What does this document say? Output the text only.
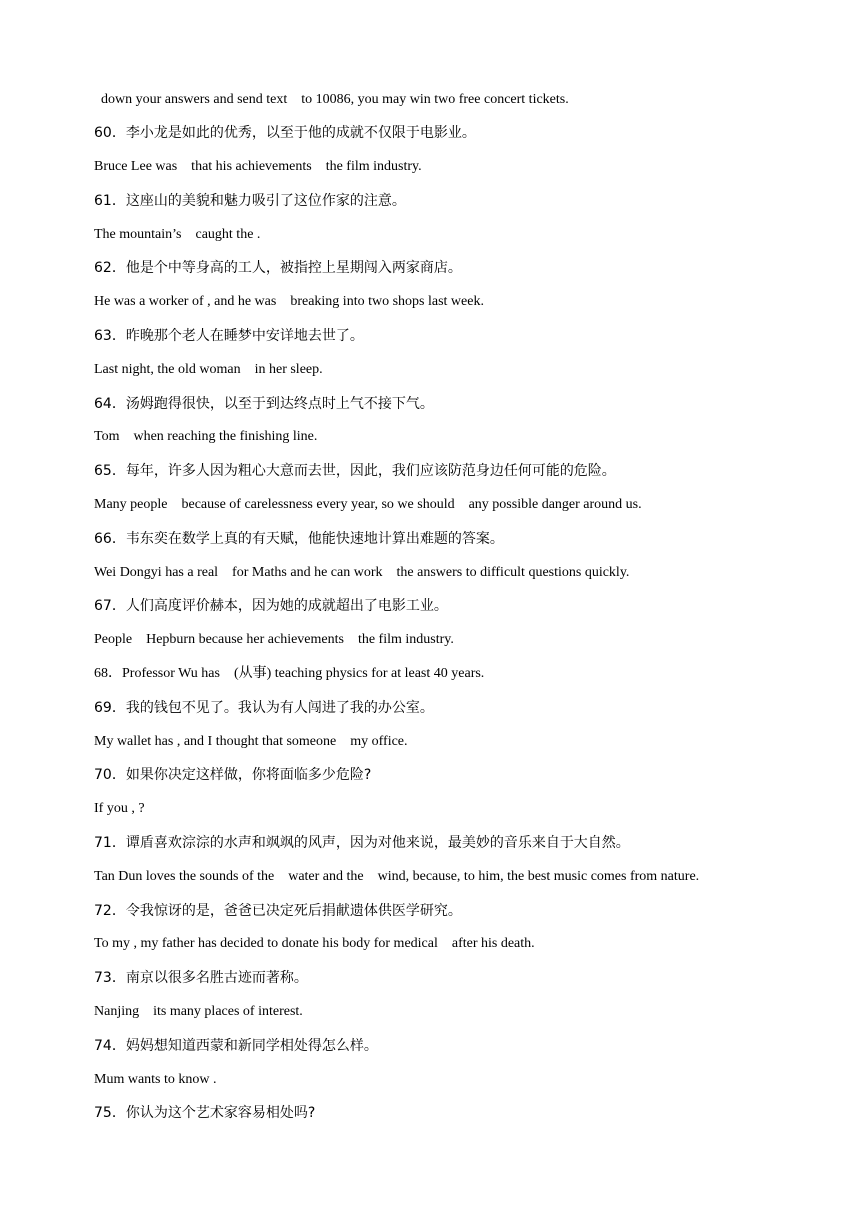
down your answers and send text    to 10086, you may win two free concert tickets.
60．李小龙是如此的优秀，以至于他的成就不仅限于电影业。
Bruce Lee was    that his achievements    the film industry.
61．这座山的美貌和魅力吸引了这位作家的注意。
The mountain’s    caught the .
62．他是个中等身高的工人，被指控上星期闯入两家商店。
He was a worker of , and he was    breaking into two shops last week.
63．昨晚那个老人在睡梦中安详地去世了。
Last night, the old woman    in her sleep.
64．汤姆跑得很快，以至于到达终点时上气不接下气。
Tom    when reaching the finishing line.
65．每年，许多人因为粗心大意而去世，因此，我们应该防范身边任何可能的危险。
Many people    because of carelessness every year, so we should    any possible danger around us.
66．韦东奕在数学上真的有天赋，他能快速地计算出难题的答案。
Wei Dongyi has a real    for Maths and he can work    the answers to difficult questions quickly.
67．人们高度评价赫本，因为她的成就超出了电影工业。
People    Hepburn because her achievements    the film industry.
68．Professor Wu has    (从事) teaching physics for at least 40 years.
69．我的钱包不见了。我认为有人闯进了我的办公室。
My wallet has , and I thought that someone    my office.
70．如果你决定这样做，你将面临多少危险?
If you , ?
71．谭盾喜欢淙淙的水声和飒飒的风声，因为对他来说，最美妙的音乐来自于大自然。
Tan Dun loves the sounds of the    water and the    wind, because, to him, the best music comes from nature.
72．令我惊讶的是，爸爸已决定死后捐献遗体供医学研究。
To my , my father has decided to donate his body for medical    after his death.
73．南京以很多名胜古迹而著称。
Nanjing    its many places of interest.
74．妈妈想知道西蒙和新同学相处得怎么样。
Mum wants to know .
75．你认为这个艺术家容易相处吗?
